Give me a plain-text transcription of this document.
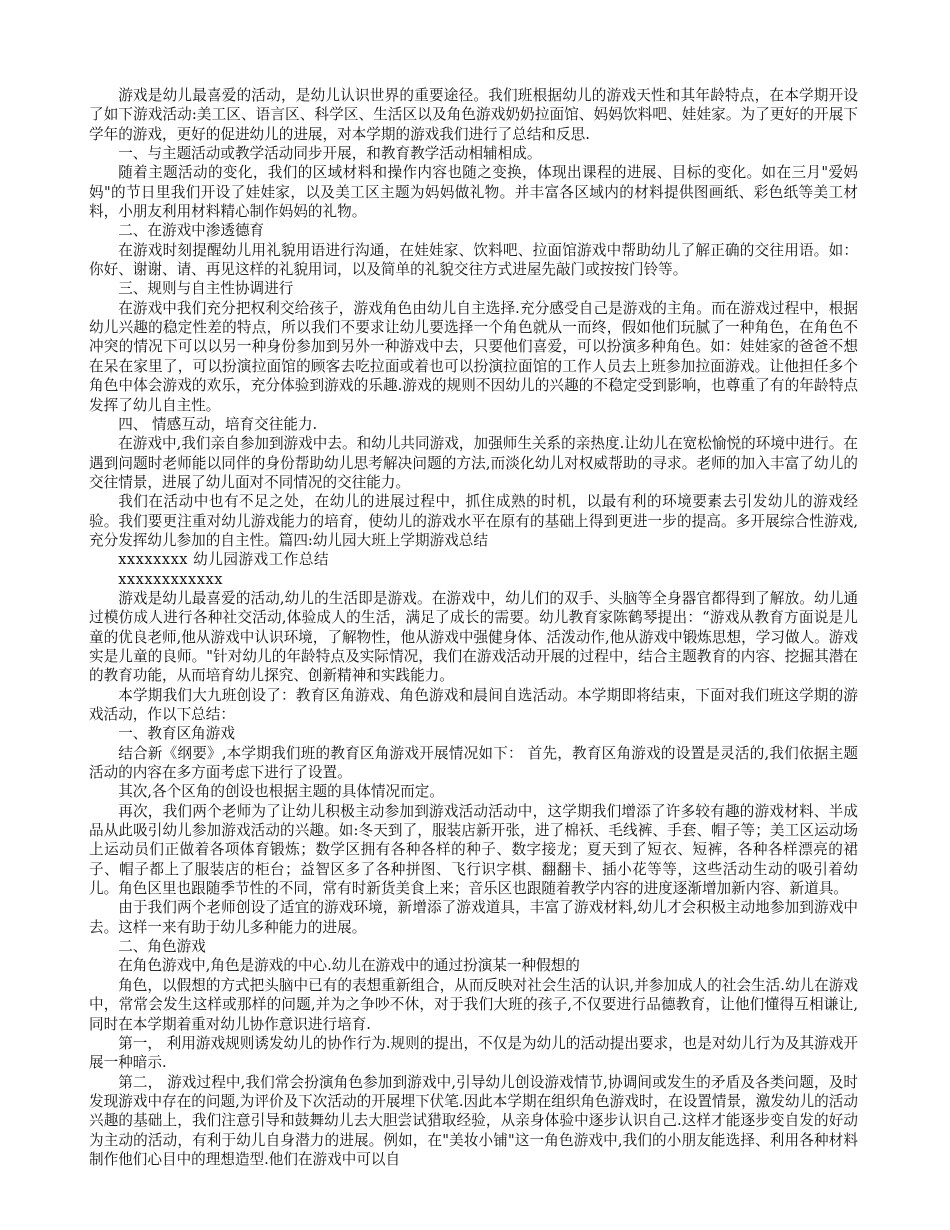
游戏是幼儿最喜爱的活动，是幼儿认识世界的重要途径。我们班根据幼儿的游戏天性和其年龄特点，在本学期开设了如下游戏活动:美工区、语言区、科学区、生活区以及角色游戏奶奶拉面馆、妈妈饮料吧、娃娃家。为了更好的开展下学年的游戏，更好的促进幼儿的进展，对本学期的游戏我们进行了总结和反思.

一、与主题活动或教学活动同步开展，和教育教学活动相辅相成。

随着主题活动的变化，我们的区域材料和操作内容也随之变换，体现出课程的进展、目标的变化。如在三月"爱妈妈"的节日里我们开设了娃娃家，以及美工区主题为妈妈做礼物。并丰富各区域内的材料提供图画纸、彩色纸等美工材料，小朋友利用材料精心制作妈妈的礼物。

二、在游戏中渗透德育

在游戏时刻提醒幼儿用礼貌用语进行沟通，在娃娃家、饮料吧、拉面馆游戏中帮助幼儿了解正确的交往用语。如：你好、谢谢、请、再见这样的礼貌用词，以及简单的礼貌交往方式进屋先敲门或按按门铃等。

三、规则与自主性协调进行

在游戏中我们充分把权利交给孩子，游戏角色由幼儿自主选择.充分感受自己是游戏的主角。而在游戏过程中，根据幼儿兴趣的稳定性差的特点，所以我们不要求让幼儿要选择一个角色就从一而终，假如他们玩腻了一种角色，在角色不冲突的情况下可以以另一种身份参加到另外一种游戏中去，只要他们喜爱，可以扮演多种角色。如：娃娃家的爸爸不想在呆在家里了，可以扮演拉面馆的顾客去吃拉面或着也可以扮演拉面馆的工作人员去上班参加拉面游戏。让他担任多个角色中体会游戏的欢乐，充分体验到游戏的乐趣.游戏的规则不因幼儿的兴趣的不稳定受到影响，也尊重了有的年龄特点发挥了幼儿自主性。

四、 情感互动，培育交往能力.

在游戏中,我们亲自参加到游戏中去。和幼儿共同游戏，加强师生关系的亲热度.让幼儿在宽松愉悦的环境中进行。在遇到问题时老师能以同伴的身份帮助幼儿思考解决问题的方法,而淡化幼儿对权威帮助的寻求。老师的加入丰富了幼儿的交往情景，进展了幼儿面对不同情况的交往能力。

我们在活动中也有不足之处，在幼儿的进展过程中，抓住成熟的时机，以最有利的环境要素去引发幼儿的游戏经验。我们要更注重对幼儿游戏能力的培育，使幼儿的游戏水平在原有的基础上得到更进一步的提高。多开展综合性游戏,充分发挥幼儿参加的自主性。篇四:幼儿园大班上学期游戏总结

xxxxxxxx 幼儿园游戏工作总结

xxxxxxxxxxxx

游戏是幼儿最喜爱的活动,幼儿的生活即是游戏。在游戏中，幼儿们的双手、头脑等全身器官都得到了解放。幼儿通过模仿成人进行各种社交活动,体验成人的生活，满足了成长的需要。幼儿教育家陈鹤琴提出：“游戏从教育方面说是儿童的优良老师,他从游戏中认识环境，了解物性，他从游戏中强健身体、活泼动作,他从游戏中锻炼思想，学习做人。游戏实是儿童的良师。"针对幼儿的年龄特点及实际情况，我们在游戏活动开展的过程中，结合主题教育的内容、挖掘其潜在的教育功能，从而培育幼儿探究、创新精神和实践能力。

本学期我们大九班创设了：教育区角游戏、角色游戏和晨间自选活动。本学期即将结束，下面对我们班这学期的游戏活动，作以下总结：

一、教育区角游戏

结合新《纲要》,本学期我们班的教育区角游戏开展情况如下： 首先，教育区角游戏的设置是灵活的,我们依据主题活动的内容在多方面考虑下进行了设置。

其次,各个区角的创设也根据主题的具体情况而定。

再次，我们两个老师为了让幼儿积极主动参加到游戏活动活动中，这学期我们增添了许多较有趣的游戏材料、半成品从此吸引幼儿参加游戏活动的兴趣。如:冬天到了，服装店新开张，进了棉袄、毛线裤、手套、帽子等；美工区运动场上运动员们正做着各项体育锻炼；数学区拥有各种各样的种子、数字接龙；夏天到了短衣、短裤，各种各样漂亮的裙子、帽子都上了服装店的柜台；益智区多了各种拼图、飞行识字棋、翻翻卡、插小花等等，这些活动生动的吸引着幼儿。角色区里也跟随季节性的不同，常有时新货美食上来；音乐区也跟随着教学内容的进度逐渐增加新内容、新道具。

由于我们两个老师创设了适宜的游戏环境，新增添了游戏道具，丰富了游戏材料,幼儿才会积极主动地参加到游戏中去。这样一来有助于幼儿多种能力的进展。

二、角色游戏

在角色游戏中,角色是游戏的中心.幼儿在游戏中的通过扮演某一种假想的

角色，以假想的方式把头脑中已有的表想重新组合，从而反映对社会生活的认识,并参加成人的社会生活.幼儿在游戏中，常常会发生这样或那样的问题,并为之争吵不休，对于我们大班的孩子,不仅要进行品德教育，让他们懂得互相谦让,同时在本学期着重对幼儿协作意识进行培育.

第一， 利用游戏规则诱发幼儿的协作行为.规则的提出，不仅是为幼儿的活动提出要求，也是对幼儿行为及其游戏开展一种暗示.

第二， 游戏过程中,我们常会扮演角色参加到游戏中,引导幼儿创设游戏情节,协调间或发生的矛盾及各类问题，及时发现游戏中存在的问题,为评价及下次活动的开展埋下伏笔.因此本学期在组织角色游戏时，在设置情景，激发幼儿的活动兴趣的基础上，我们注意引导和鼓舞幼儿去大胆尝试猎取经验，从亲身体验中逐步认识自己.这样才能逐步变自发的好动为主动的活动，有利于幼儿自身潜力的进展。例如，在"美妆小铺"这一角色游戏中,我们的小朋友能选择、利用各种材料制作他们心目中的理想造型.他们在游戏中可以自
